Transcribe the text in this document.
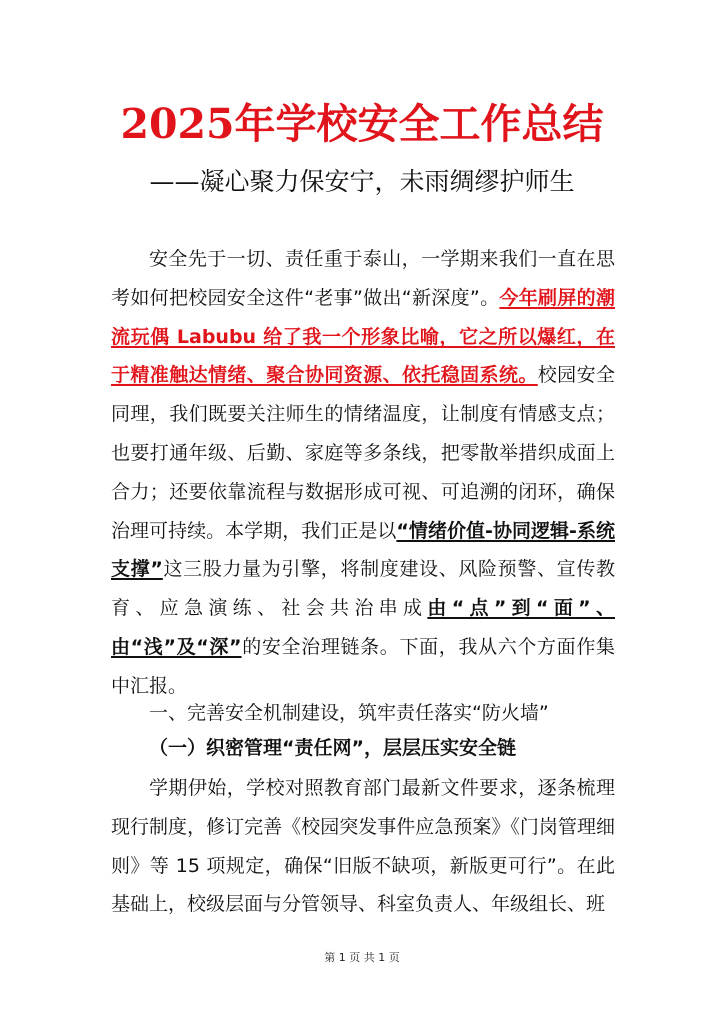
2025年学校安全工作总结
——凝心聚力保安宁，未雨绸缪护师生
安全先于一切、责任重于泰山，一学期来我们一直在思考如何把校园安全这件“老事”做出“新深度”。今年刷屏的潮流玩偶 Labubu 给了我一个形象比喻，它之所以爆红，在于精准触达情绪、聚合协同资源、依托稳固系统。校园安全同理，我们既要关注师生的情绪温度，让制度有情感支点；也要打通年级、后勤、家庭等多条线，把零散举措织成面上合力；还要依靠流程与数据形成可视、可追溯的闭环，确保治理可持续。本学期，我们正是以“情绪价值-协同逻辑-系统支撑”这三股力量为引擎，将制度建设、风险预警、宣传教育、应急演练、社会共治串成由“点”到“面”、由“浅”及“深”的安全治理链条。下面，我从六个方面作集中汇报。
一、完善安全机制建设，筑牢责任落实“防火墙”
（一）织密管理“责任网”，层层压实安全链
学期伊始，学校对照教育部门最新文件要求，逐条梳理现行制度，修订完善《校园突发事件应急预案》《门岗管理细则》等 15 项规定，确保“旧版不缺项，新版更可行”。在此基础上，校级层面与分管领导、科室负责人、年级组长、班
第 1 页 共 1 页
